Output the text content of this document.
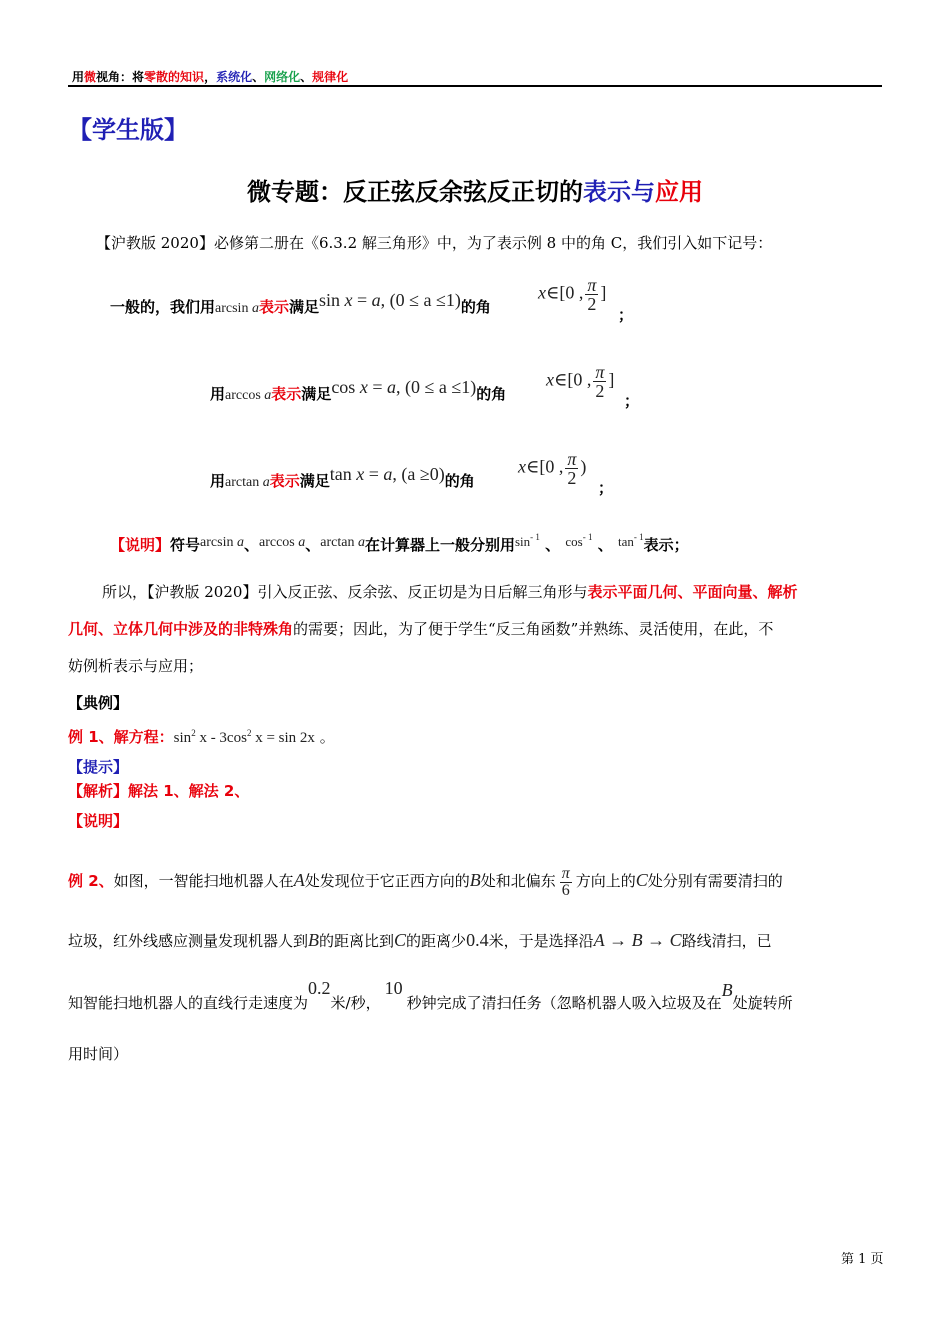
用微视角：将零散的知识，系统化、网络化、规律化
【学生版】
微专题：反正弦反余弦反正切的表示与应用
【沪教版 2020】必修第二册在《6.3.2 解三角形》中，为了表示例 8 中的角 C，我们引入如下记号：
一般的，我们用arcsin a表示满足sin x = a, (0 ≤ a ≤1)的角
x∈[0 , $\frac{\pi}{2}$ ]
；
用arccos a表示满足cos x = a, (0 ≤ a ≤1)的角
x∈[0 , $\frac{\pi}{2}$ ]
；
用arctan a表示满足tan x = a, (a ≥0)的角
x∈[0 , $\frac{\pi}{2}$ )
；
【说明】符号arcsin a、arccos a、arctan a在计算器上一般分别用$\sin^{- 1}$ 、 $\cos^{- 1}$ 、 $\tan^{- 1}$表示；
所以，【沪教版 2020】引入反正弦、反余弦、反正切是为日后解三角形与表示平面几何、平面向量、解析
几何、立体几何中涉及的非特殊角的需要；因此，为了便于学生“反三角函数”并熟练、灵活使用，在此，不
妨例析表示与应用；
【典例】
例 1、解方程：$\sin^2 x - 3\cos^2$ x = sin 2x 。
【提示】
【解析】解法 1、解法 2、
【说明】
例 2、如图，一智能扫地机器人在A处发现位于它正西方向的B处和北偏东 $\frac{\pi}{6}$ 方向上的C处分别有需要清扫的
垃圾，红外线感应测量发现机器人到B的距离比到C的距离少0.4米，于是选择沿A → B → C路线清扫，已
知智能扫地机器人的直线行走速度为0.2米/秒，10秒钟完成了清扫任务（忽略机器人吸入垃圾及在B处旋转所
用时间）
第 1 页
